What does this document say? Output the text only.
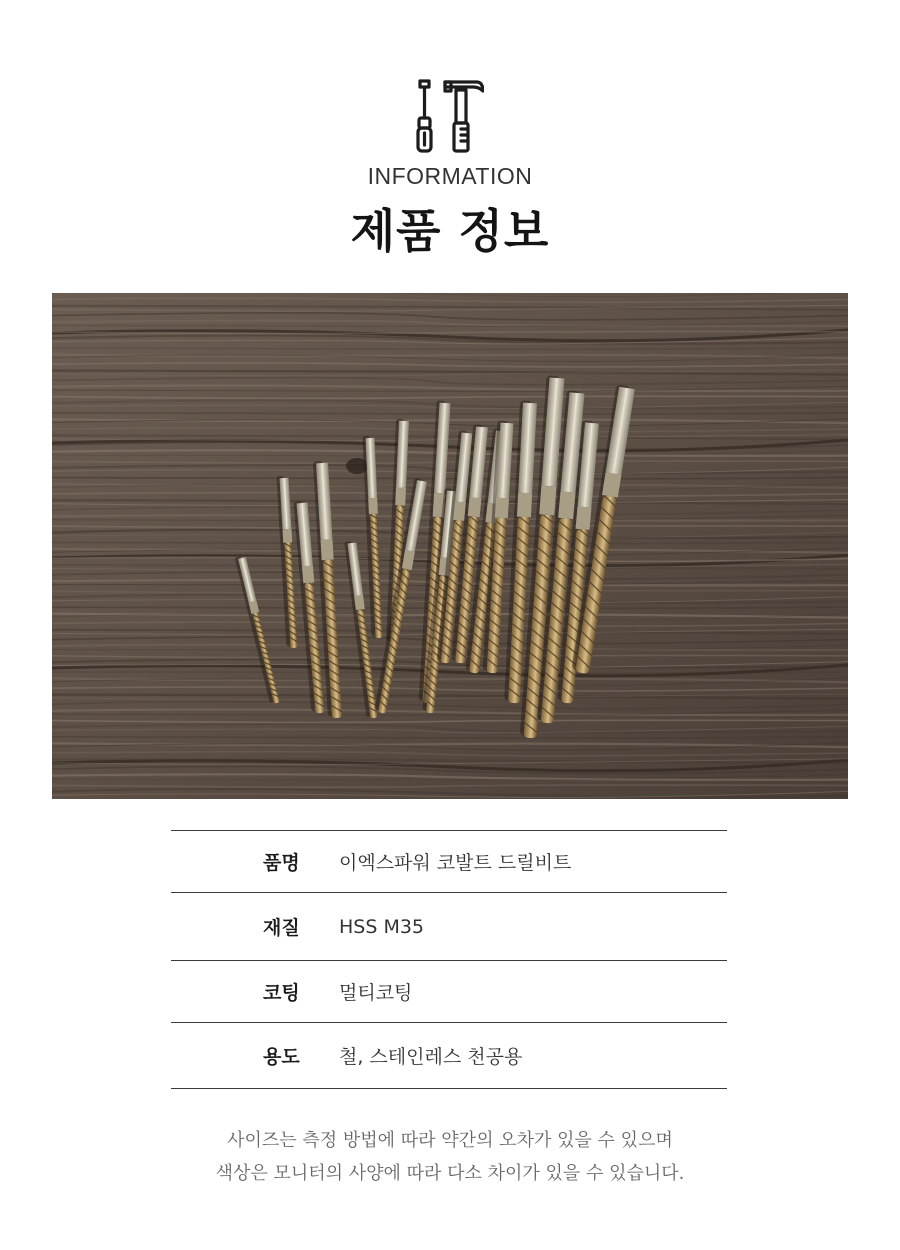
INFORMATION
제품 정보
품명	이엑스파워 코발트 드릴비트
재질	HSS M35
코팅	멀티코팅
용도	철, 스테인레스 천공용
사이즈는 측정 방법에 따라 약간의 오차가 있을 수 있으며
색상은 모니터의 사양에 따라 다소 차이가 있을 수 있습니다.
